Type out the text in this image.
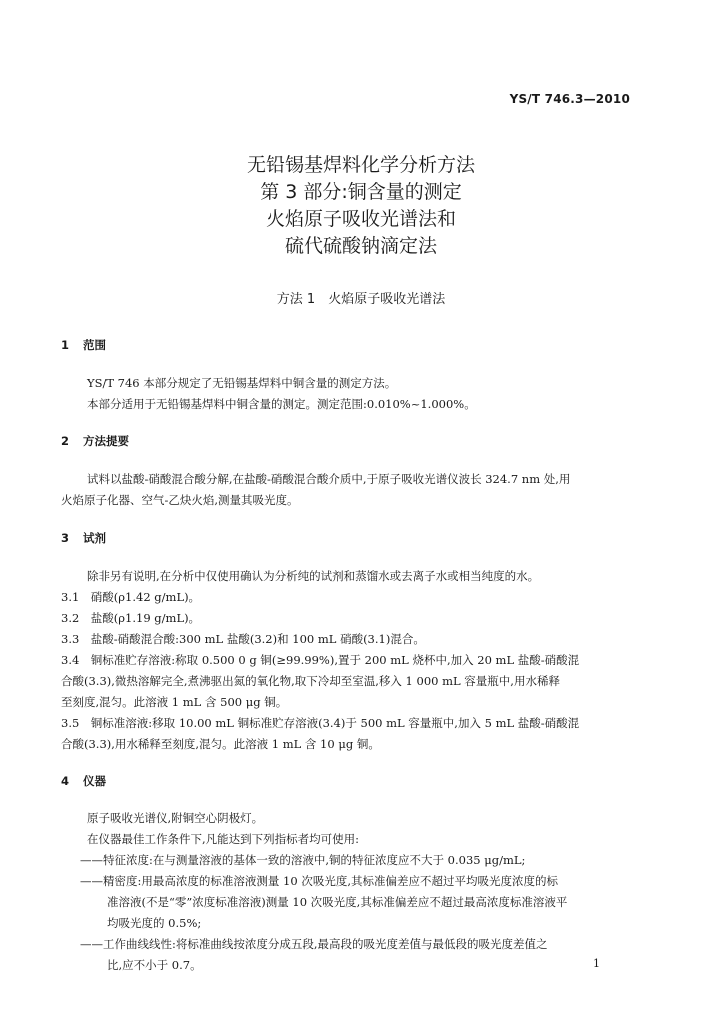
YS/T 746.3—2010
无铅锡基焊料化学分析方法
第 3 部分:铜含量的测定
火焰原子吸收光谱法和
硫代硫酸钠滴定法
方法 1　火焰原子吸收光谱法
1 范围
YS/T 746 本部分规定了无铅锡基焊料中铜含量的测定方法。
本部分适用于无铅锡基焊料中铜含量的测定。测定范围:0.010%~1.000%。
2 方法提要
试料以盐酸-硝酸混合酸分解,在盐酸-硝酸混合酸介质中,于原子吸收光谱仪波长 324.7 nm 处,用
火焰原子化器、空气-乙炔火焰,测量其吸光度。
3 试剂
除非另有说明,在分析中仅使用确认为分析纯的试剂和蒸馏水或去离子水或相当纯度的水。
3.1　硝酸(ρ1.42 g/mL)。
3.2　盐酸(ρ1.19 g/mL)。
3.3　盐酸-硝酸混合酸:300 mL 盐酸(3.2)和 100 mL 硝酸(3.1)混合。
3.4　铜标准贮存溶液:称取 0.500 0 g 铜(≥99.99%),置于 200 mL 烧杯中,加入 20 mL 盐酸-硝酸混
合酸(3.3),微热溶解完全,煮沸驱出氮的氧化物,取下冷却至室温,移入 1 000 mL 容量瓶中,用水稀释
至刻度,混匀。此溶液 1 mL 含 500 μg 铜。
3.5　铜标准溶液:移取 10.00 mL 铜标准贮存溶液(3.4)于 500 mL 容量瓶中,加入 5 mL 盐酸-硝酸混
合酸(3.3),用水稀释至刻度,混匀。此溶液 1 mL 含 10 μg 铜。
4 仪器
原子吸收光谱仪,附铜空心阴极灯。
在仪器最佳工作条件下,凡能达到下列指标者均可使用:
——特征浓度:在与测量溶液的基体一致的溶液中,铜的特征浓度应不大于 0.035 μg/mL;
——精密度:用最高浓度的标准溶液测量 10 次吸光度,其标准偏差应不超过平均吸光度浓度的标
准溶液(不是“零”浓度标准溶液)测量 10 次吸光度,其标准偏差应不超过最高浓度标准溶液平
均吸光度的 0.5%;
——工作曲线线性:将标准曲线按浓度分成五段,最高段的吸光度差值与最低段的吸光度差值之
比,应不小于 0.7。	1
